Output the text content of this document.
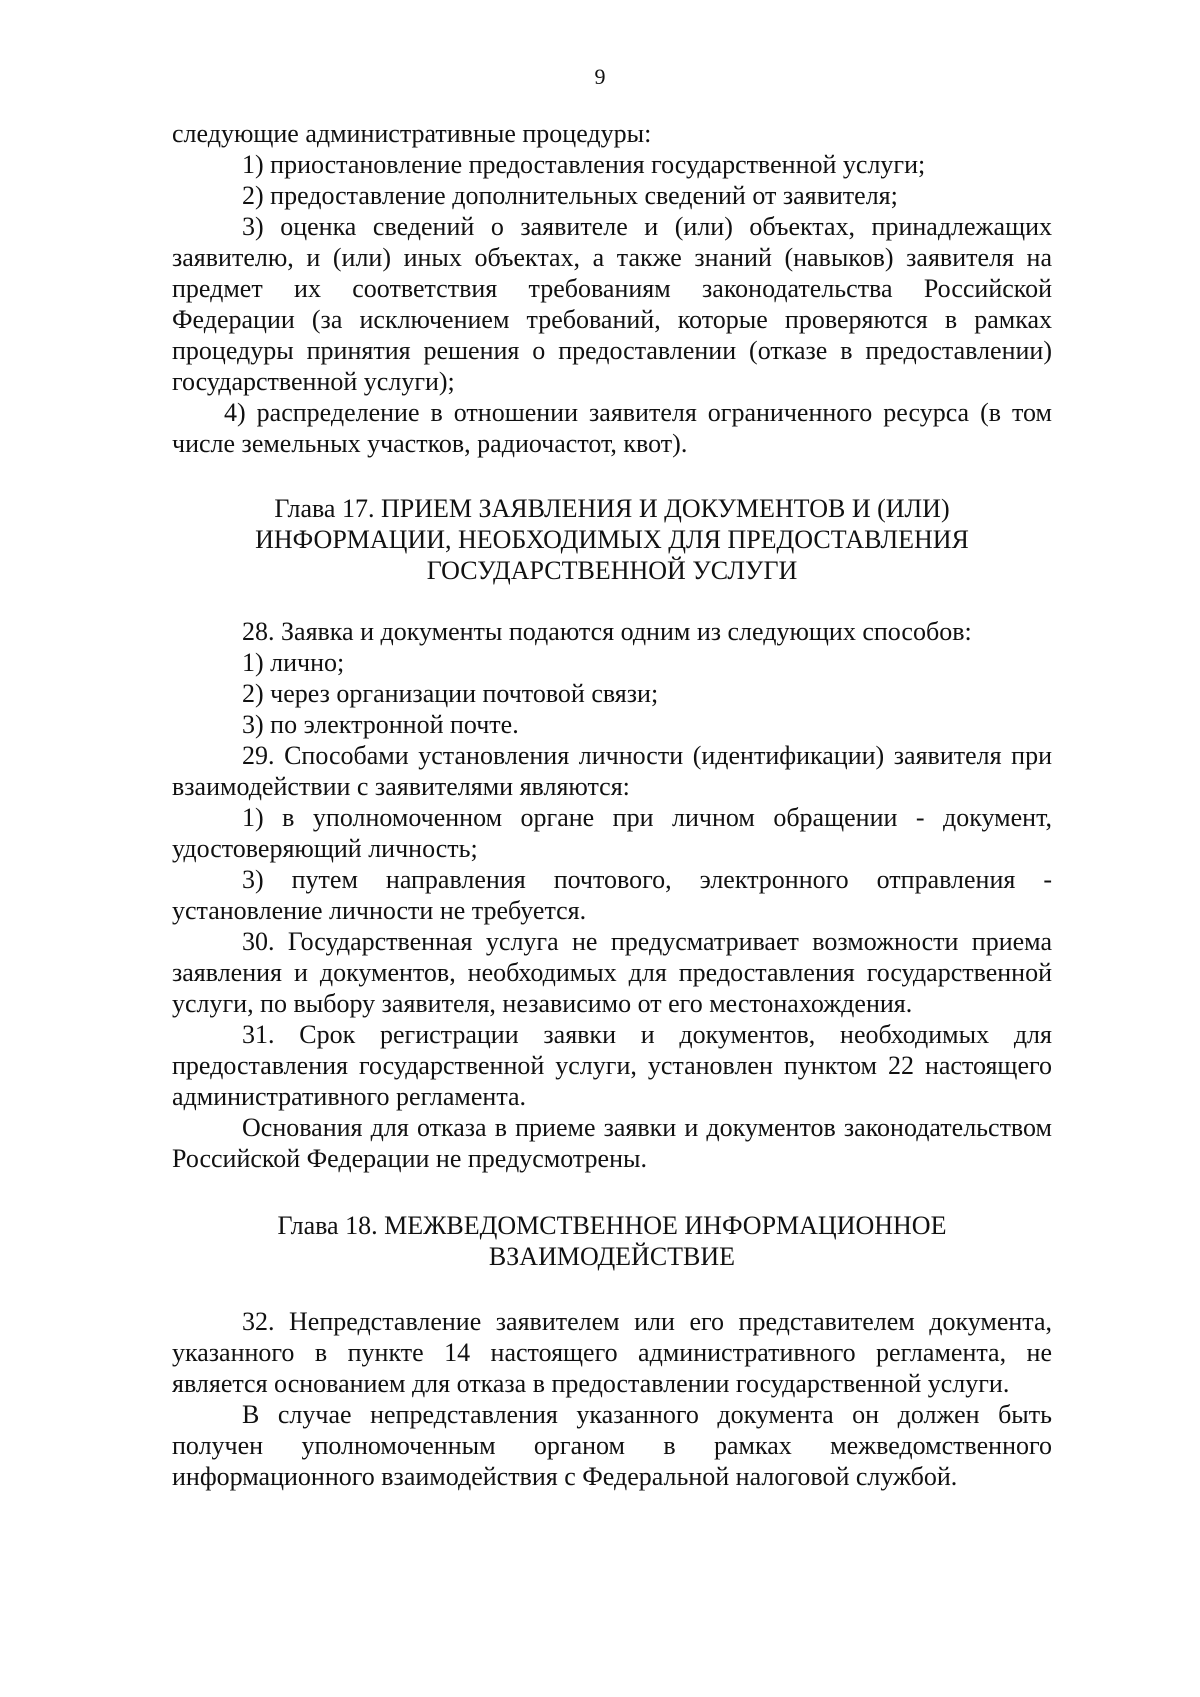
9

следующие административные процедуры:

1) приостановление предоставления государственной услуги;

2) предоставление дополнительных сведений от заявителя;

3) оценка сведений о заявителе и (или) объектах, принадлежащих заявителю, и (или) иных объектах, а также знаний (навыков) заявителя на предмет их соответствия требованиям законодательства Российской Федерации (за исключением требований, которые проверяются в рамках процедуры принятия решения о предоставлении (отказе в предоставлении) государственной услуги);

4) распределение в отношении заявителя ограниченного ресурса (в том числе земельных участков, радиочастот, квот).

Глава 17. ПРИЕМ ЗАЯВЛЕНИЯ И ДОКУМЕНТОВ И (ИЛИ)

ИНФОРМАЦИИ, НЕОБХОДИМЫХ ДЛЯ ПРЕДОСТАВЛЕНИЯ

ГОСУДАРСТВЕННОЙ УСЛУГИ

28. Заявка и документы подаются одним из следующих способов:

1) лично;

2) через организации почтовой связи;

3) по электронной почте.

29. Способами установления личности (идентификации) заявителя при взаимодействии с заявителями являются:

1) в уполномоченном органе при личном обращении - документ, удостоверяющий личность;

3) путем направления почтового, электронного отправления - установление личности не требуется.

30. Государственная услуга не предусматривает возможности приема заявления и документов, необходимых для предоставления государственной услуги, по выбору заявителя, независимо от его местонахождения.

31. Срок регистрации заявки и документов, необходимых для предоставления государственной услуги, установлен пунктом 22 настоящего административного регламента.

Основания для отказа в приеме заявки и документов законодательством Российской Федерации не предусмотрены.

Глава 18. МЕЖВЕДОМСТВЕННОЕ ИНФОРМАЦИОННОЕ

ВЗАИМОДЕЙСТВИЕ

32. Непредставление заявителем или его представителем документа, указанного в пункте 14 настоящего административного регламента, не является основанием для отказа в предоставлении государственной услуги.

В случае непредставления указанного документа он должен быть получен уполномоченным органом в рамках межведомственного информационного взаимодействия с Федеральной налоговой службой.
